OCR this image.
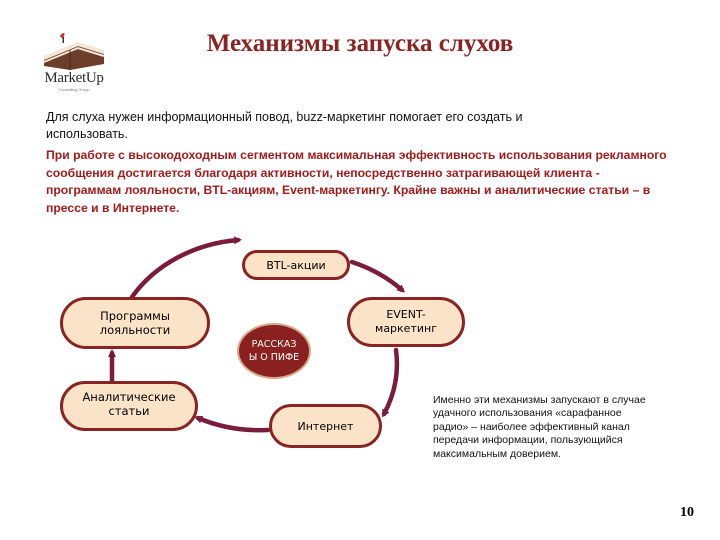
MarketUp
Consulting Group
Механизмы запуска слухов
Для слуха нужен информационный повод, buzz-маркетинг помогает его создать и использовать.
При работе с высокодоходным сегментом максимальная эффективность использования рекламного сообщения достигается благодаря активности, непосредственно затрагивающей клиента - программам лояльности, BTL-акциям, Event-маркетингу. Крайне важны и аналитические статьи – в прессе и в Интернете.
BTL-акции
Программы лояльности
Аналитические статьи
EVENT- маркетинг
Интернет
РАССКАЗ Ы О ПИФЕ
Именно эти механизмы запускают в случае удачного использования «сарафанное радио» – наиболее эффективный канал передачи информации, пользующийся максимальным доверием.
10
